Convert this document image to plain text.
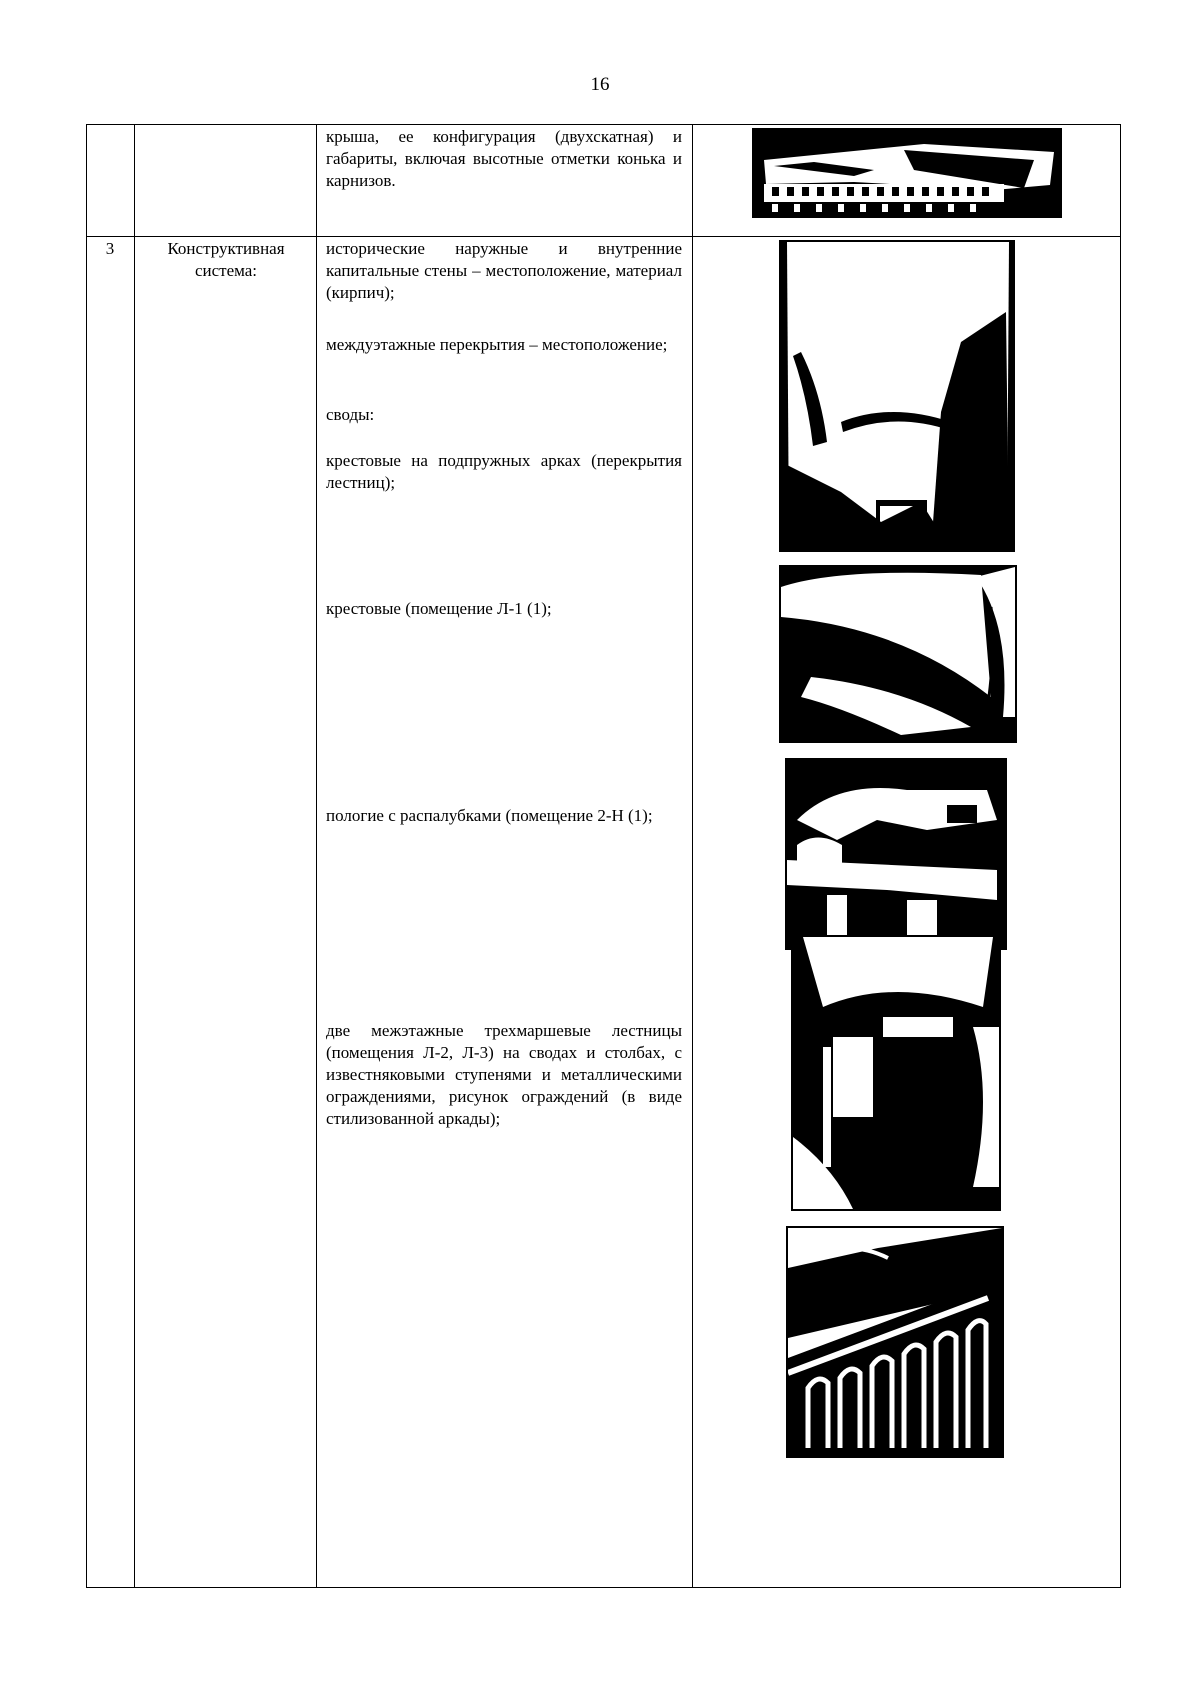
16
крыша, ее конфигурация (двухскатная) и габариты, включая высотные отметки конька и карнизов.
3	Конструктивная система:
исторические наружные и внутренние капитальные стены – местоположение, материал (кирпич);
междуэтажные перекрытия – местоположение;
своды:
крестовые на подпружных арках (перекрытия лестниц);
крестовые (помещение Л-1 (1);
пологие с распалубками (помещение 2-Н (1);
две межэтажные трехмаршевые лестницы (помещения Л-2, Л-3) на сводах и столбах, с известняковыми ступенями и металлическими ограждениями, рисунок ограждений (в виде стилизованной аркады);
